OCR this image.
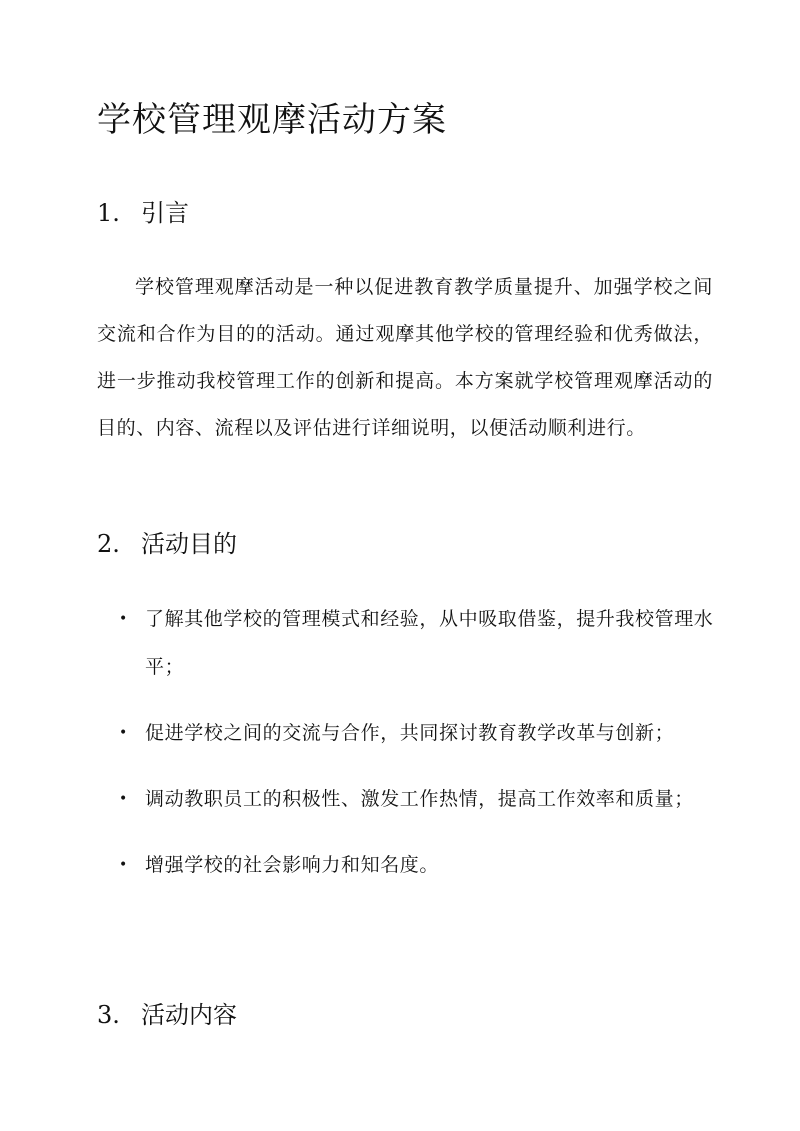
学校管理观摩活动方案
1. 引言

学校管理观摩活动是一种以促进教育教学质量提升、加强学校之间交流和合作为目的的活动。通过观摩其他学校的管理经验和优秀做法，进一步推动我校管理工作的创新和提高。本方案就学校管理观摩活动的目的、内容、流程以及评估进行详细说明，以便活动顺利进行。

2. 活动目的
• 了解其他学校的管理模式和经验，从中吸取借鉴，提升我校管理水平；
• 促进学校之间的交流与合作，共同探讨教育教学改革与创新；
• 调动教职员工的积极性、激发工作热情，提高工作效率和质量；
• 增强学校的社会影响力和知名度。
3. 活动内容
